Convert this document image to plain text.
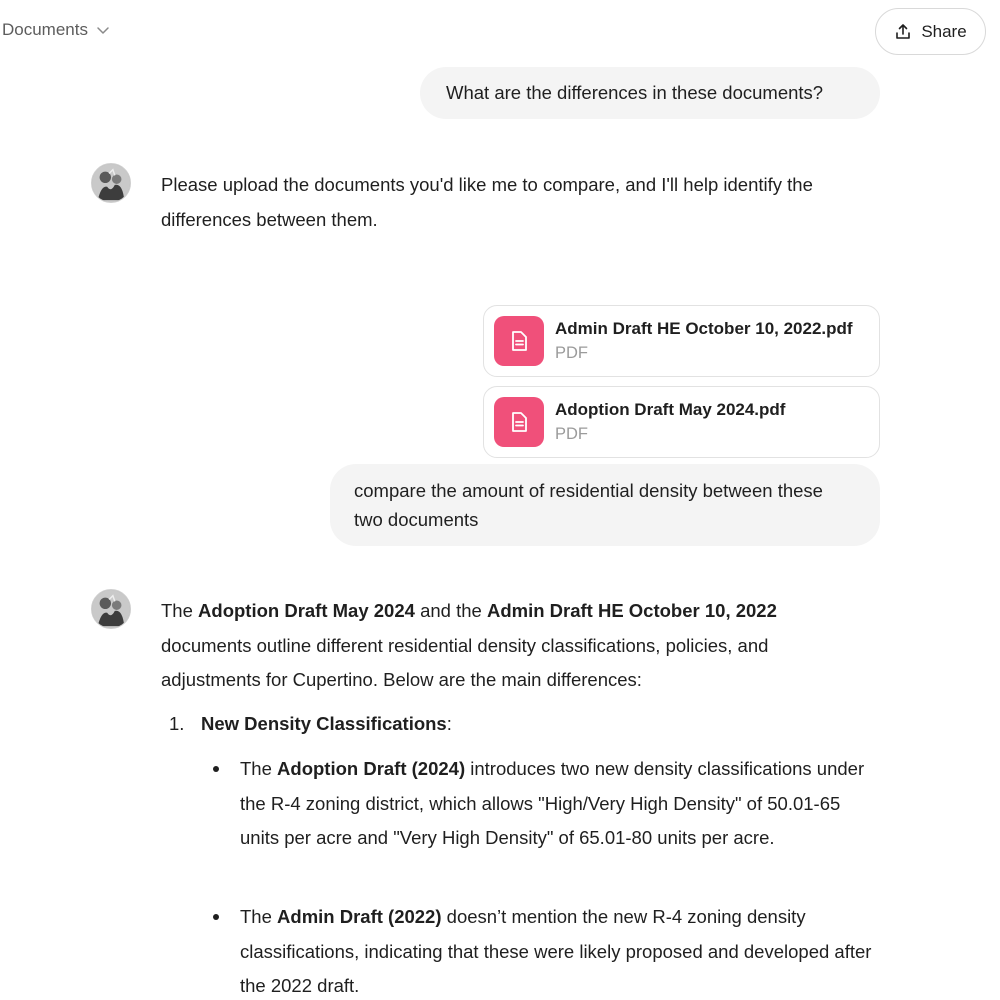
Documents	Share
What are the differences in these documents?
Please upload the documents you'd like me to compare, and I'll help identify the differences between them.
Admin Draft HE October 10, 2022.pdf
PDF
Adoption Draft May 2024.pdf
PDF
compare the amount of residential density between these two documents
The Adoption Draft May 2024 and the Admin Draft HE October 10, 2022 documents outline different residential density classifications, policies, and adjustments for Cupertino. Below are the main differences:
1. New Density Classifications:
The Adoption Draft (2024) introduces two new density classifications under the R-4 zoning district, which allows "High/Very High Density" of 50.01-65 units per acre and "Very High Density" of 65.01-80 units per acre.
The Admin Draft (2022) doesn’t mention the new R-4 zoning density classifications, indicating that these were likely proposed and developed after the 2022 draft.
